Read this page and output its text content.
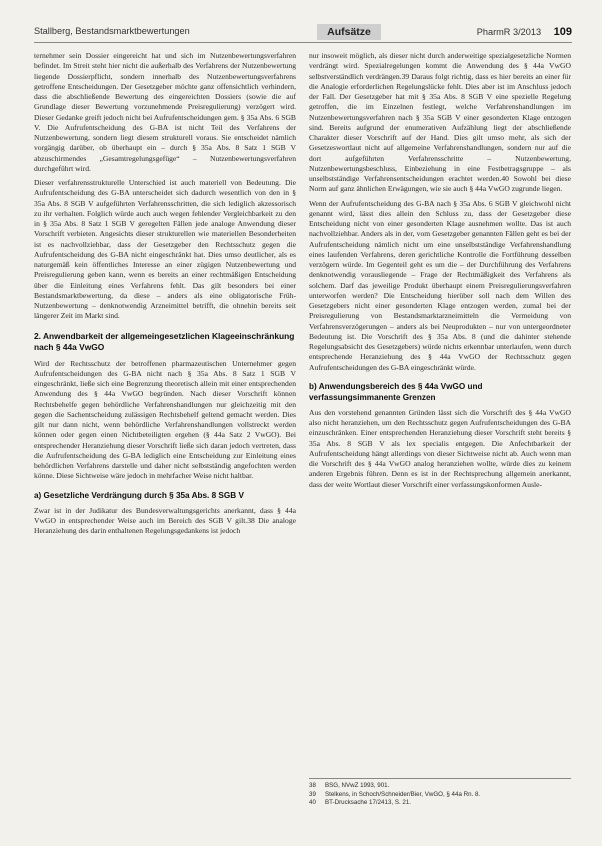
Stallberg, Bestandsmarktbewertungen	Aufsätze	PharmR 3/2013 109

ternehmer sein Dossier eingereicht hat und sich im Nutzenbewertungsverfahren befindet. Im Streit steht hier nicht die außerhalb des Verfahrens der Nutzenbewertung liegende Dossierpflicht, sondern innerhalb des Nutzenbewertungsverfahrens getroffene Entscheidungen. Der Gesetzgeber möchte ganz offensichtlich verhindern, dass die abschließende Bewertung des eingereichten Dossiers (sowie die auf Grundlage dieser Bewertung vorzunehmende Preisregulierung) verzögert wird. Dieser Gedanke greift jedoch nicht bei Aufrufentscheidungen gem. § 35a Abs. 6 SGB V. Die Aufrufentscheidung des G-BA ist nicht Teil des Verfahrens der Nutzenbewertung, sondern liegt diesem strukturell voraus. Sie entscheidet nämlich vorgängig darüber, ob überhaupt ein – durch § 35a Abs. 8 Satz 1 SGB V abzuschirmendes „Gesamtregelungsgefüge“ – Nutzenbewertungsverfahren durchgeführt wird.

Dieser verfahrensstrukturelle Unterschied ist auch materiell von Bedeutung. Die Aufrufentscheidung des G-BA unterscheidet sich dadurch wesentlich von den in § 35a Abs. 8 SGB V aufgeführten Verfahrensschritten, die sich lediglich akzessorisch zu ihr verhalten. Folglich würde auch auch wegen fehlender Vergleichbarkeit zu den in § 35a Abs. 8 Satz 1 SGB V geregelten Fällen jede analoge Anwendung dieser Vorschrift verbieten. Angesichts dieser strukturellen wie materiellen Besonderheiten ist es nachvollziehbar, dass der Gesetzgeber den Rechtsschutz gegen die Aufrufentscheidung des G-BA nicht eingeschränkt hat. Dies umso deutlicher, als es naturgemäß kein öffentliches Interesse an einer zügigen Nutzenbewertung und Preisregulierung geben kann, wenn es bereits an einer rechtmäßigen Entscheidung über die Einleitung eines Verfahrens fehlt. Das gilt besonders bei einer Bestandsmarktbewertung, da diese – anders als eine obligatorische Früh-Nutzenbewertung – denknotwendig Arzneimittel betrifft, die ohnehin bereits seit längerer Zeit im Markt sind.

2. Anwendbarkeit der allgemeingesetzlichen Klageeinschränkung nach § 44a VwGO

Wird der Rechtsschutz der betroffenen pharmazeutischen Unternehmer gegen Aufrufentscheidungen des G-BA nicht nach § 35a Abs. 8 Satz 1 SGB V eingeschränkt, ließe sich eine Begrenzung theoretisch allein mit einer entsprechenden Anwendung des § 44a VwGO begründen. Nach dieser Vorschrift können Rechtsbehelfe gegen behördliche Verfahrenshandlungen nur gleichzeitig mit den gegen die Sachentscheidung zulässigen Rechtsbehelf geltend gemacht werden. Dies gilt nur dann nicht, wenn behördliche Verfahrenshandlungen vollstreckt werden können oder gegen einen Nichtbeteiligten ergehen (§ 44a Satz 2 VwGO). Bei entsprechender Heranziehung dieser Vorschrift ließe sich daran jedoch vertreten, dass die Aufrufentscheidung des G-BA lediglich eine Entscheidung zur Einleitung eines behördlichen Verfahrens darstelle und daher nicht selbstständig angefochten werden könne. Diese Sichtweise wäre jedoch in mehrfacher Weise nicht haltbar.

a) Gesetzliche Verdrängung durch § 35a Abs. 8 SGB V

Zwar ist in der Judikatur des Bundesverwaltungsgerichts anerkannt, dass § 44a VwGO in entsprechender Weise auch im Bereich des SGB V gilt.38 Die analoge Heranziehung des darin enthaltenen Regelungsgedankens ist jedoch

nur insoweit möglich, als dieser nicht durch anderweitige spezialgesetzliche Normen verdrängt wird. Spezialregelungen kommt die Anwendung des § 44a VwGO selbstverständlich verdrängen.39 Daraus folgt richtig, dass es hier bereits an einer für die Analogie erforderlichen Regelungslücke fehlt. Dies aber ist im Anschluss jedoch der Fall. Der Gesetzgeber hat mit § 35a Abs. 8 SGB V eine spezielle Regelung getroffen, die im Einzelnen festlegt, welche Verfahrenshandlungen im Nutzenbewertungsverfahren nach § 35a SGB V einer gesonderten Klage entzogen sind. Bereits aufgrund der enumerativen Aufzählung liegt der abschließende Charakter dieser Vorschrift auf der Hand. Dies gilt umso mehr, als sich der Gesetzeswortlaut nicht auf allgemeine Verfahrenshandlungen, sondern nur auf die dort aufgeführten Verfahrensschritte – Nutzenbewertung, Nutzenbewertungsbeschluss, Einbeziehung in eine Festbetragsgruppe – als unselbstständige Verfahrensentscheidungen erachtet werden.40 Sowohl bei diese Norm auf ganz ähnlichen Erwägungen, wie sie auch § 44a VwGO zugrunde liegen.

Wenn der Aufrufentscheidung des G-BA nach § 35a Abs. 6 SGB V gleichwohl nicht genannt wird, lässt dies allein den Schluss zu, dass der Gesetzgeber diese Entscheidung nicht von einer gesonderten Klage ausnehmen wollte. Das ist auch nachvollziehbar. Anders als in der, vom Gesetzgeber genannten Fällen geht es bei der Aufrufentscheidung nämlich nicht um eine unselbstständige Verfahrenshandlung eines laufenden Verfahrens, deren gerichtliche Kontrolle die Fortführung desselben verzögern würde. Im Gegenteil geht es um die – der Durchführung des Verfahrens denknotwendig vorausliegende – Frage der Rechtmäßigkeit des Verfahrens als solchem. Darf das jeweilige Produkt überhaupt einem Preisregulierungsverfahren unterworfen werden? Die Entscheidung hierüber soll nach dem Willen des Gesetzgebers nicht einer gesonderten Klage entzogen werden, zumal bei der Preisregulierung von Bestandsmarktarzneimitteln die Vermeidung von Verfahrensverzögerungen – anders als bei Neuprodukten – nur von untergeordneter Bedeutung ist. Die Vorschrift des § 35a Abs. 8 (und die dahinter stehende Regelungsabsicht des Gesetzgebers) würde nichts erkennbar unterlaufen, wenn durch entsprechende Heranziehung des § 44a VwGO der Rechtsschutz gegen Aufrufentscheidungen des G-BA eingeschränkt würde.

b) Anwendungsbereich des § 44a VwGO und verfassungsimmanente Grenzen

Aus den vorstehend genannten Gründen lässt sich die Vorschrift des § 44a VwGO also nicht heranziehen, um den Rechtsschutz gegen Aufrufentscheidungen des G-BA einzuschränken. Einer entsprechenden Heranziehung dieser Vorschrift steht bereits § 35a Abs. 8 SGB V als lex specialis entgegen. Die Anfechtbarkeit der Aufrufentscheidung hängt allerdings von dieser Sichtweise nicht ab. Auch wenn man die Vorschrift des § 44a VwGO analog heranziehen wollte, würde dies zu keinem anderen Ergebnis führen. Denn es ist in der Rechtsprechung allgemein anerkannt, dass der weite Wortlaut dieser Vorschrift einer verfassungskonformen Ausle-

38	BSG, NVwZ 1993, 901.
39	Stelkens, in Schoch/Schneider/Bier, VwGO, § 44a Rn. 8.
40	BT-Drucksache 17/2413, S. 21.
